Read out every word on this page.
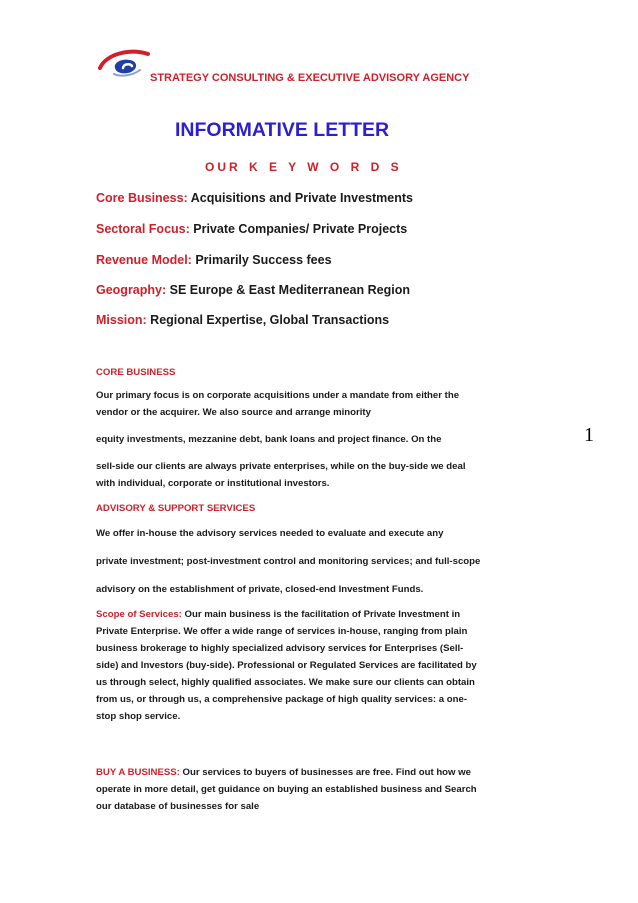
STRATEGY CONSULTING & EXECUTIVE ADVISORY AGENCY
INFORMATIVE LETTER
OUR K E Y W O R D S
Core Business: Acquisitions and Private Investments
Sectoral Focus: Private Companies/ Private Projects
Revenue Model: Primarily Success fees
Geography: SE Europe & East Mediterranean Region
Mission: Regional Expertise, Global Transactions
CORE BUSINESS
Our primary focus is on corporate acquisitions under a mandate from either the
vendor or the acquirer. We also source and arrange minority
equity investments, mezzanine debt, bank loans and project finance. On the
sell-side our clients are always private enterprises, while on the buy-side we deal
with individual, corporate or institutional investors.
1
ADVISORY & SUPPORT SERVICES
We offer in-house the advisory services needed to evaluate and execute any
private investment; post-investment control and monitoring services; and full-scope
advisory on the establishment of private, closed-end Investment Funds.
Scope of Services: Our main business is the facilitation of Private Investment in
Private Enterprise. We offer a wide range of services in-house, ranging from plain
business brokerage to highly specialized advisory services for Enterprises (Sell-
side) and Investors (buy-side). Professional or Regulated Services are facilitated by
us through select, highly qualified associates. We make sure our clients can obtain
from us, or through us, a comprehensive package of high quality services: a one-
stop shop service.
BUY A BUSINESS: Our services to buyers of businesses are free. Find out how we
operate in more detail, get guidance on buying an established business and Search
our database of businesses for sale
